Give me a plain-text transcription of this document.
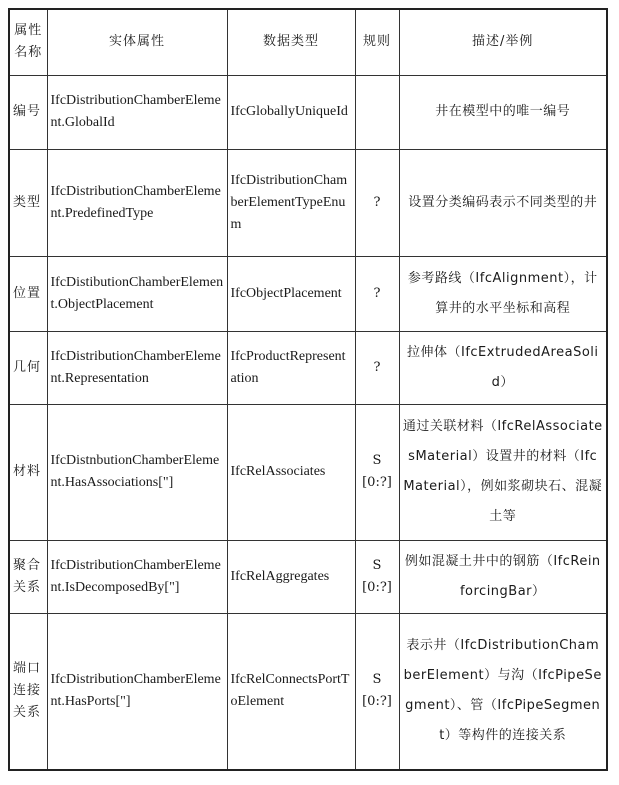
属性名称	实体属性	数据类型	规则	描述/举例
编号	IfcDistributionChamberElement.GlobalId	IfcGloballyUniqueId		井在模型中的唯一编号
类型	IfcDistributionChamberElement.PredefinedType	IfcDistributionChamberElementTypeEnum	?	设置分类编码表示不同类型的井
位置	IfcDistibutionChamberElement.ObjectPlacement	IfcObjectPlacement	?	参考路线（IfcAlignment），计算井的水平坐标和高程
几何	IfcDistributionChamberElement.Representation	IfcProductRepresentation	?	拉伸体（IfcExtrudedAreaSolid）
材料	IfcDistnbutionChamberElement.HasAssociations["]	IfcRelAssociates	S[0:?]	通过关联材料（IfcRelAssociatesMaterial）设置井的材料（IfcMaterial），例如浆砌块石、混凝土等
聚合关系	IfcDistributionChamberElement.IsDecomposedBy["]	IfcRelAggregates	S[0:?]	例如混凝土井中的钢筋（IfcReinforcingBar）
端口连接关系	IfcDistributionChamberElement.HasPorts["]	IfcRelConnectsPortToElement	S[0:?]	表示井（IfcDistributionChamberElement）与沟（IfcPipeSegment）、管（IfcPipeSegment）等构件的连接关系
